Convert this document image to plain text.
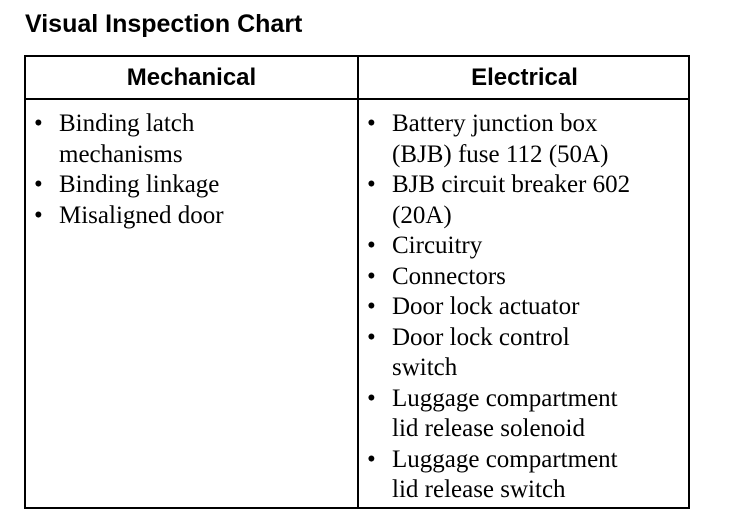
Visual Inspection Chart
Mechanical	Electrical
• Binding latch
mechanisms
• Binding linkage
• Misaligned door
• Battery junction box
(BJB) fuse 112 (50A)
• BJB circuit breaker 602
(20A)
• Circuitry
• Connectors
• Door lock actuator
• Door lock control
switch
• Luggage compartment
lid release solenoid
• Luggage compartment
lid release switch
